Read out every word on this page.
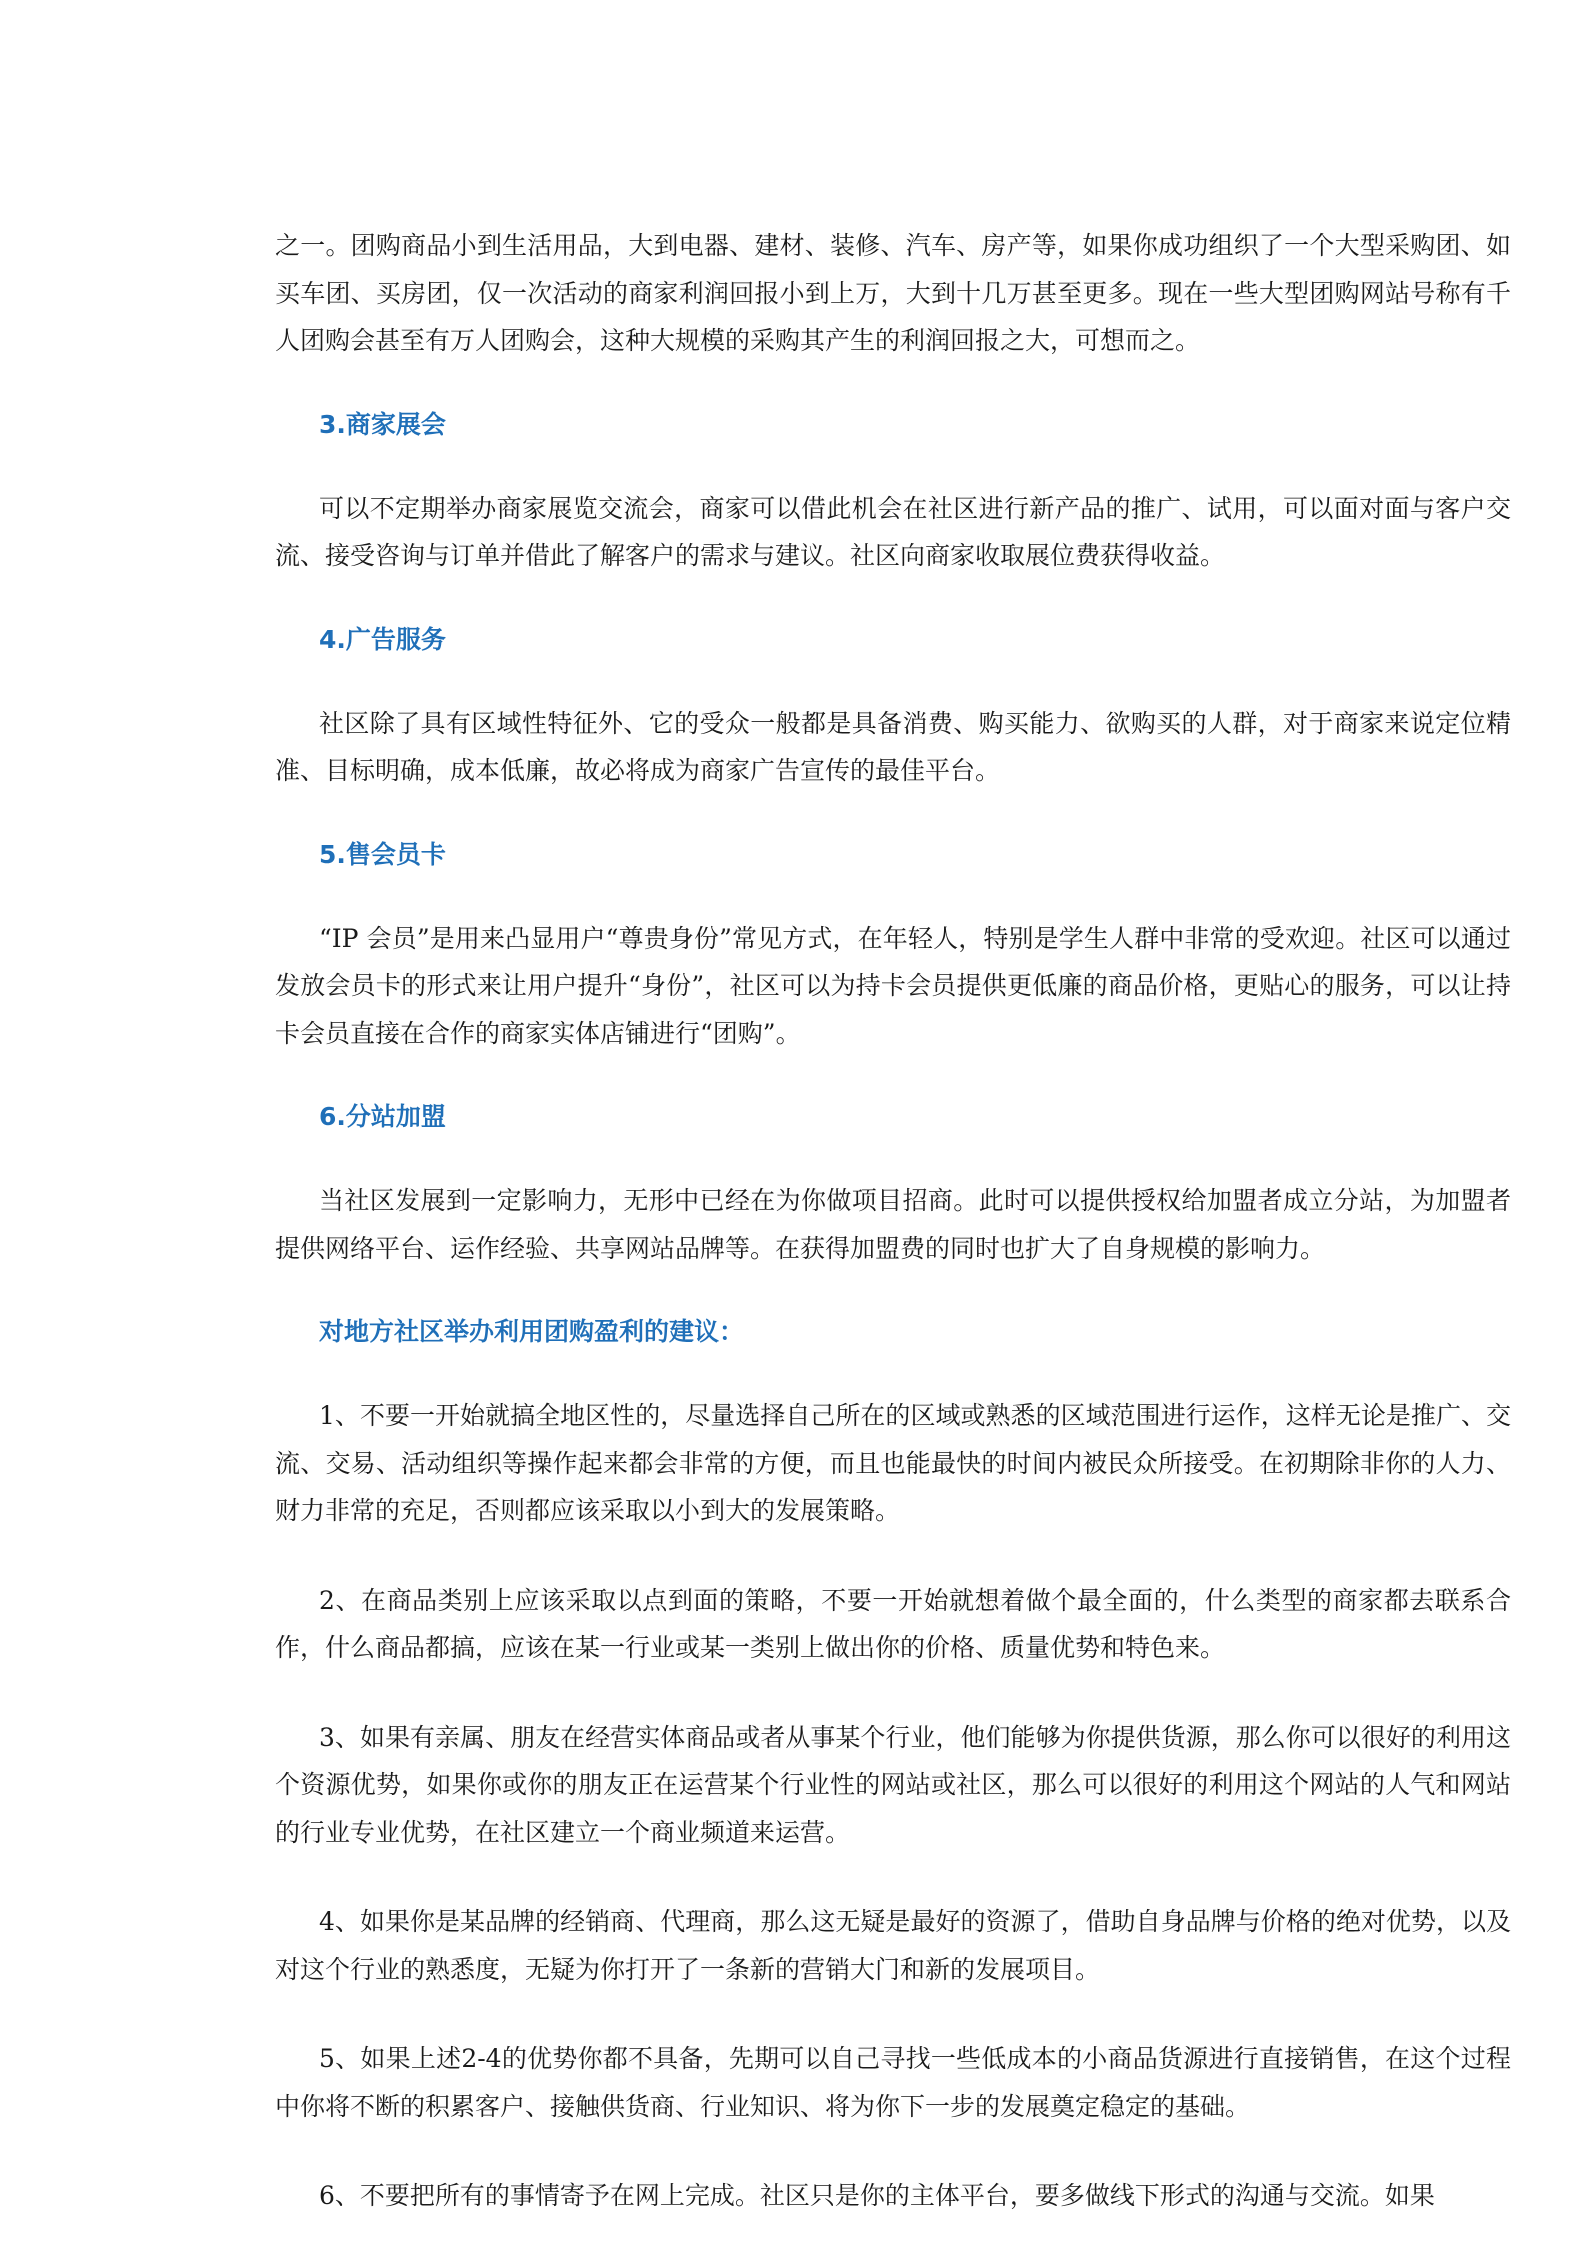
之一。团购商品小到生活用品，大到电器、建材、装修、汽车、房产等，如果你成功组织了一个大型采购团、如买车团、买房团，仅一次活动的商家利润回报小到上万，大到十几万甚至更多。现在一些大型团购网站号称有千人团购会甚至有万人团购会，这种大规模的采购其产生的利润回报之大，可想而之。

3.商家展会

可以不定期举办商家展览交流会，商家可以借此机会在社区进行新产品的推广、试用，可以面对面与客户交流、接受咨询与订单并借此了解客户的需求与建议。社区向商家收取展位费获得收益。

4.广告服务

社区除了具有区域性特征外、它的受众一般都是具备消费、购买能力、欲购买的人群，对于商家来说定位精准、目标明确，成本低廉，故必将成为商家广告宣传的最佳平台。

5.售会员卡

“IP 会员”是用来凸显用户“尊贵身份”常见方式，在年轻人，特别是学生人群中非常的受欢迎。社区可以通过发放会员卡的形式来让用户提升“身份”，社区可以为持卡会员提供更低廉的商品价格，更贴心的服务，可以让持卡会员直接在合作的商家实体店铺进行“团购”。

6.分站加盟

当社区发展到一定影响力，无形中已经在为你做项目招商。此时可以提供授权给加盟者成立分站，为加盟者提供网络平台、运作经验、共享网站品牌等。在获得加盟费的同时也扩大了自身规模的影响力。

对地方社区举办利用团购盈利的建议：

1、不要一开始就搞全地区性的，尽量选择自己所在的区域或熟悉的区域范围进行运作，这样无论是推广、交流、交易、活动组织等操作起来都会非常的方便，而且也能最快的时间内被民众所接受。在初期除非你的人力、财力非常的充足，否则都应该采取以小到大的发展策略。

2、在商品类别上应该采取以点到面的策略，不要一开始就想着做个最全面的，什么类型的商家都去联系合作，什么商品都搞，应该在某一行业或某一类别上做出你的价格、质量优势和特色来。

3、如果有亲属、朋友在经营实体商品或者从事某个行业，他们能够为你提供货源，那么你可以很好的利用这个资源优势，如果你或你的朋友正在运营某个行业性的网站或社区，那么可以很好的利用这个网站的人气和网站的行业专业优势，在社区建立一个商业频道来运营。

4、如果你是某品牌的经销商、代理商，那么这无疑是最好的资源了，借助自身品牌与价格的绝对优势，以及对这个行业的熟悉度，无疑为你打开了一条新的营销大门和新的发展项目。

5、如果上述2-4的优势你都不具备，先期可以自己寻找一些低成本的小商品货源进行直接销售，在这个过程中你将不断的积累客户、接触供货商、行业知识、将为你下一步的发展奠定稳定的基础。

6、不要把所有的事情寄予在网上完成。社区只是你的主体平台，要多做线下形式的沟通与交流。如果
